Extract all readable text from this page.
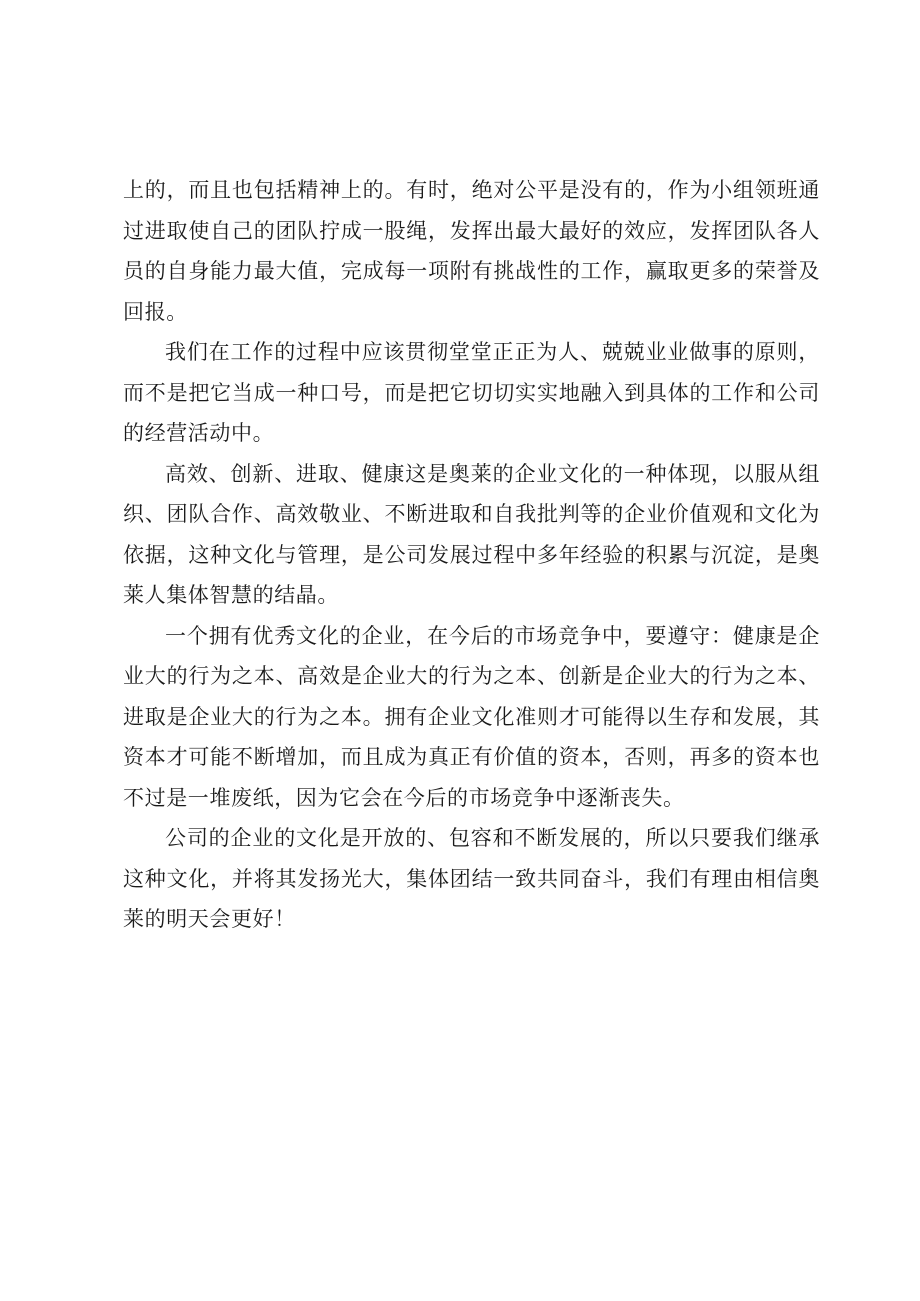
上的，而且也包括精神上的。有时，绝对公平是没有的，作为小组领班通过进取使自己的团队拧成一股绳，发挥出最大最好的效应，发挥团队各人员的自身能力最大值，完成每一项附有挑战性的工作，赢取更多的荣誉及回报。

我们在工作的过程中应该贯彻堂堂正正为人、兢兢业业做事的原则，而不是把它当成一种口号，而是把它切切实实地融入到具体的工作和公司的经营活动中。

高效、创新、进取、健康这是奥莱的企业文化的一种体现，以服从组织、团队合作、高效敬业、不断进取和自我批判等的企业价值观和文化为依据，这种文化与管理，是公司发展过程中多年经验的积累与沉淀，是奥莱人集体智慧的结晶。

一个拥有优秀文化的企业，在今后的市场竞争中，要遵守：健康是企业大的行为之本、高效是企业大的行为之本、创新是企业大的行为之本、进取是企业大的行为之本。拥有企业文化准则才可能得以生存和发展，其资本才可能不断增加，而且成为真正有价值的资本，否则，再多的资本也不过是一堆废纸，因为它会在今后的市场竞争中逐渐丧失。

公司的企业的文化是开放的、包容和不断发展的，所以只要我们继承这种文化，并将其发扬光大，集体团结一致共同奋斗，我们有理由相信奥莱的明天会更好！
